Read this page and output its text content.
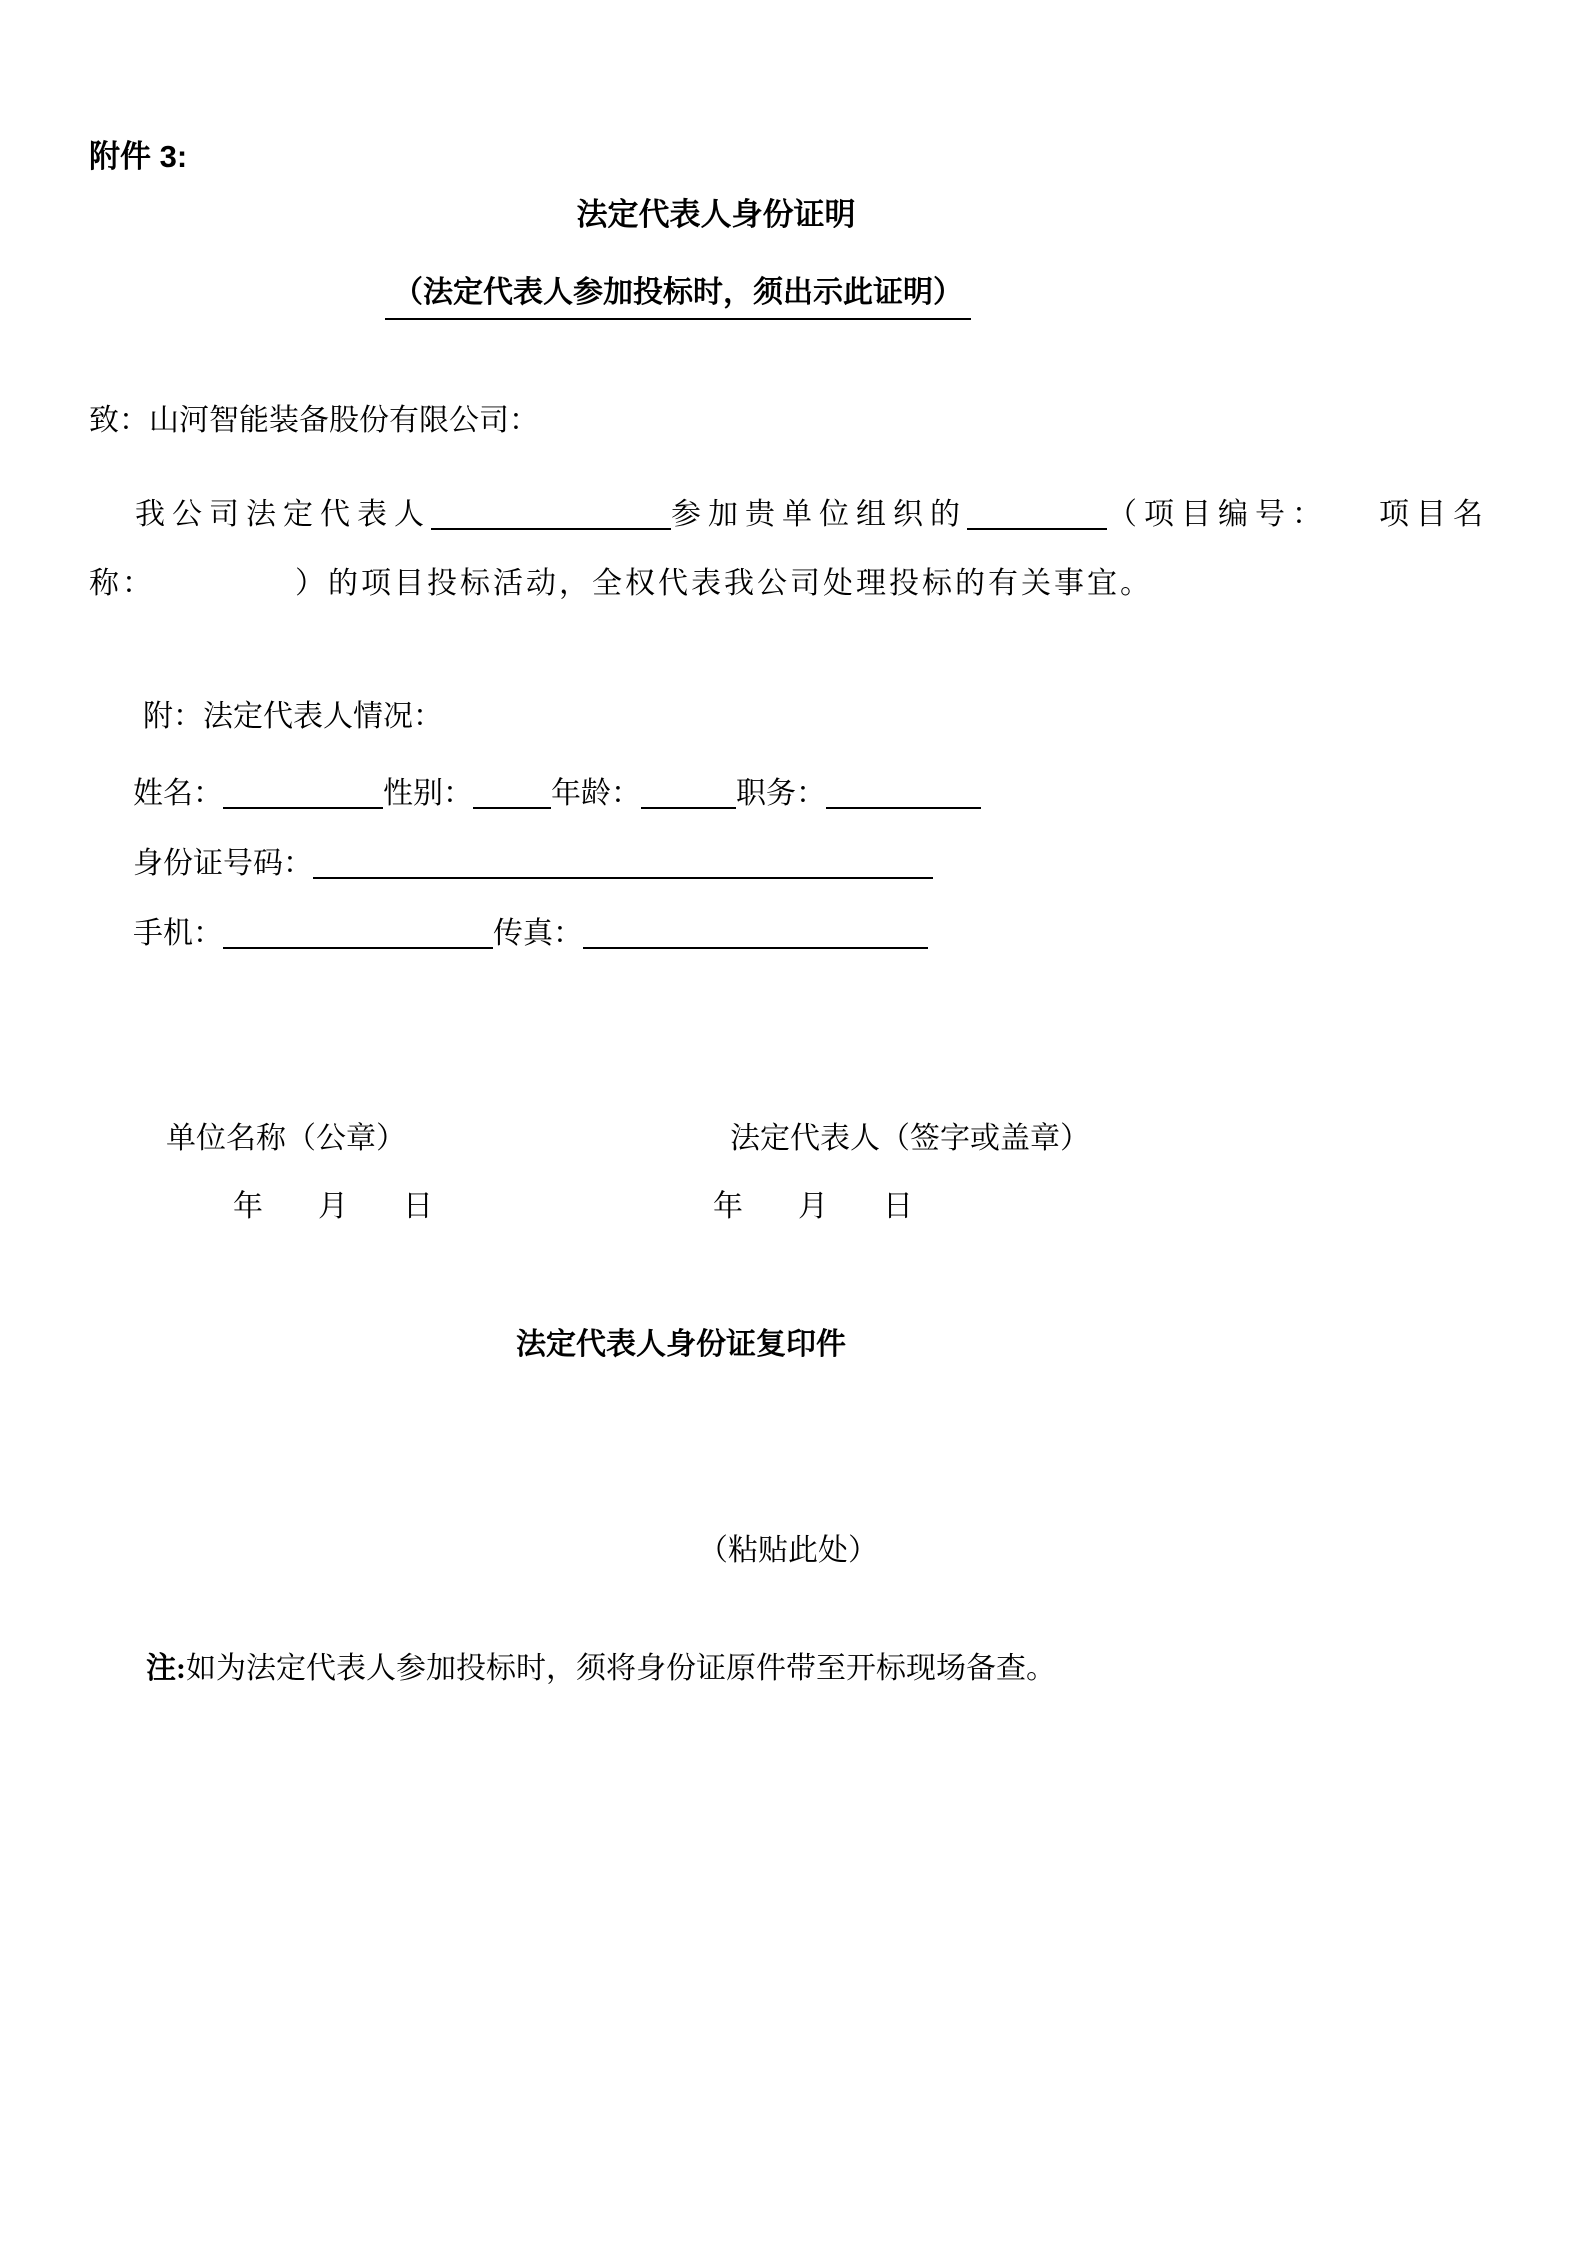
附件 3:
法定代表人身份证明
（法定代表人参加投标时，须出示此证明）
致：山河智能装备股份有限公司：
我公司法定代表人	参加贵单位组织的	（项目编号： 项目名
称：	）的项目投标活动，全权代表我公司处理投标的有关事宜。
附：法定代表人情况：
姓名：	性别：	年龄：	职务：
身份证号码：
手机：	传真：
单位名称（公章）	法定代表人（签字或盖章）
年 月 日	年 月 日
法定代表人身份证复印件
（粘贴此处）
注:如为法定代表人参加投标时，须将身份证原件带至开标现场备查。
